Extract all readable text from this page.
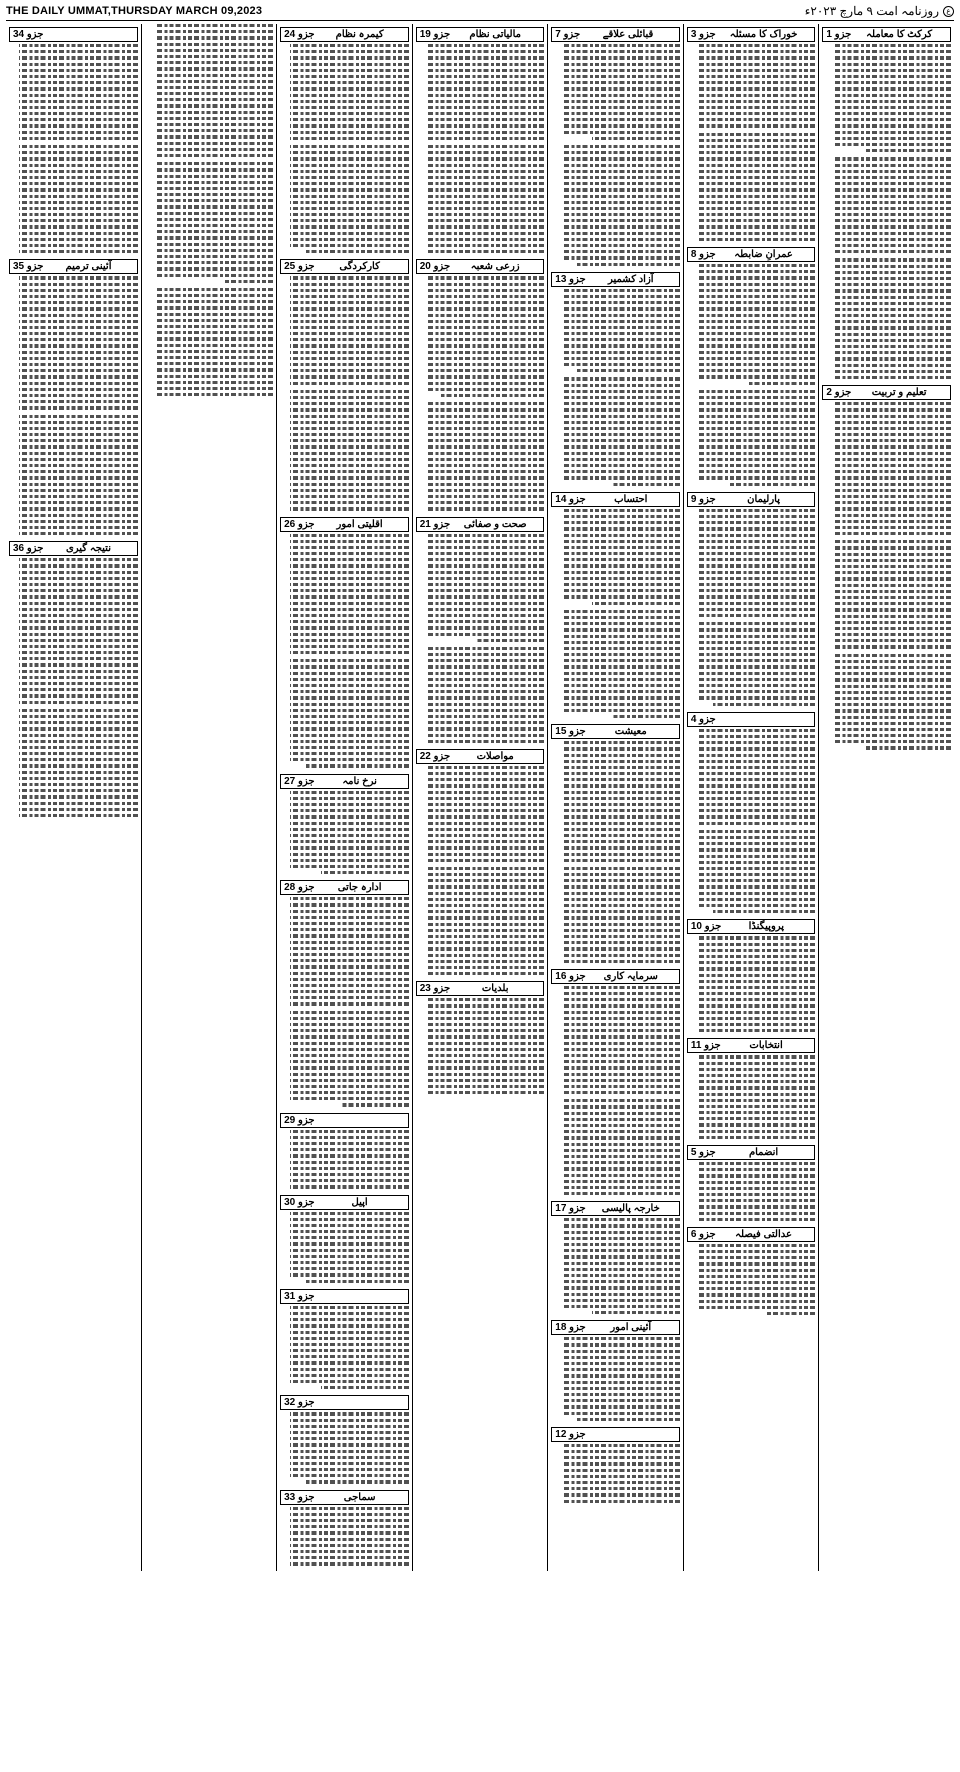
THE DAILY UMMAT,THURSDAY MARCH 09,2023	ع
روزنامہ امت ۹ مارچ ۲۰۲۳ء
کرکٹ کا معاملہ
جزو 1
تعلیم و تربیت
جزو 2
خوراک کا مسئلہ
جزو 3
عمرانِ ضابطہ
جزو 8
پارلیمان
جزو 9
جزو 4
پروپیگنڈا
جزو 10
انتخابات
جزو 11
انضمام
جزو 5
عدالتی فیصلہ
جزو 6
قبائلی علاقے
جزو 7
آزاد کشمیر
جزو 13
احتساب
جزو 14
معیشت
جزو 15
سرمایہ کاری
جزو 16
خارجہ پالیسی
جزو 17
آئینی امور
جزو 18
جزو 12
مالیاتی نظام
جزو 19
زرعی شعبہ
جزو 20
صحت و صفائی
جزو 21
مواصلات
جزو 22
بلدیات
جزو 23
کیمرہ نظام
جزو 24
کارکردگی
جزو 25
اقلیتی امور
جزو 26
نرخ نامہ
جزو 27
ادارہ جاتی
جزو 28
جزو 29
اپیل
جزو 30
جزو 31
جزو 32
سماجی
جزو 33
جزو 34
آئینی ترمیم
جزو 35
نتیجہ گیری
جزو 36
